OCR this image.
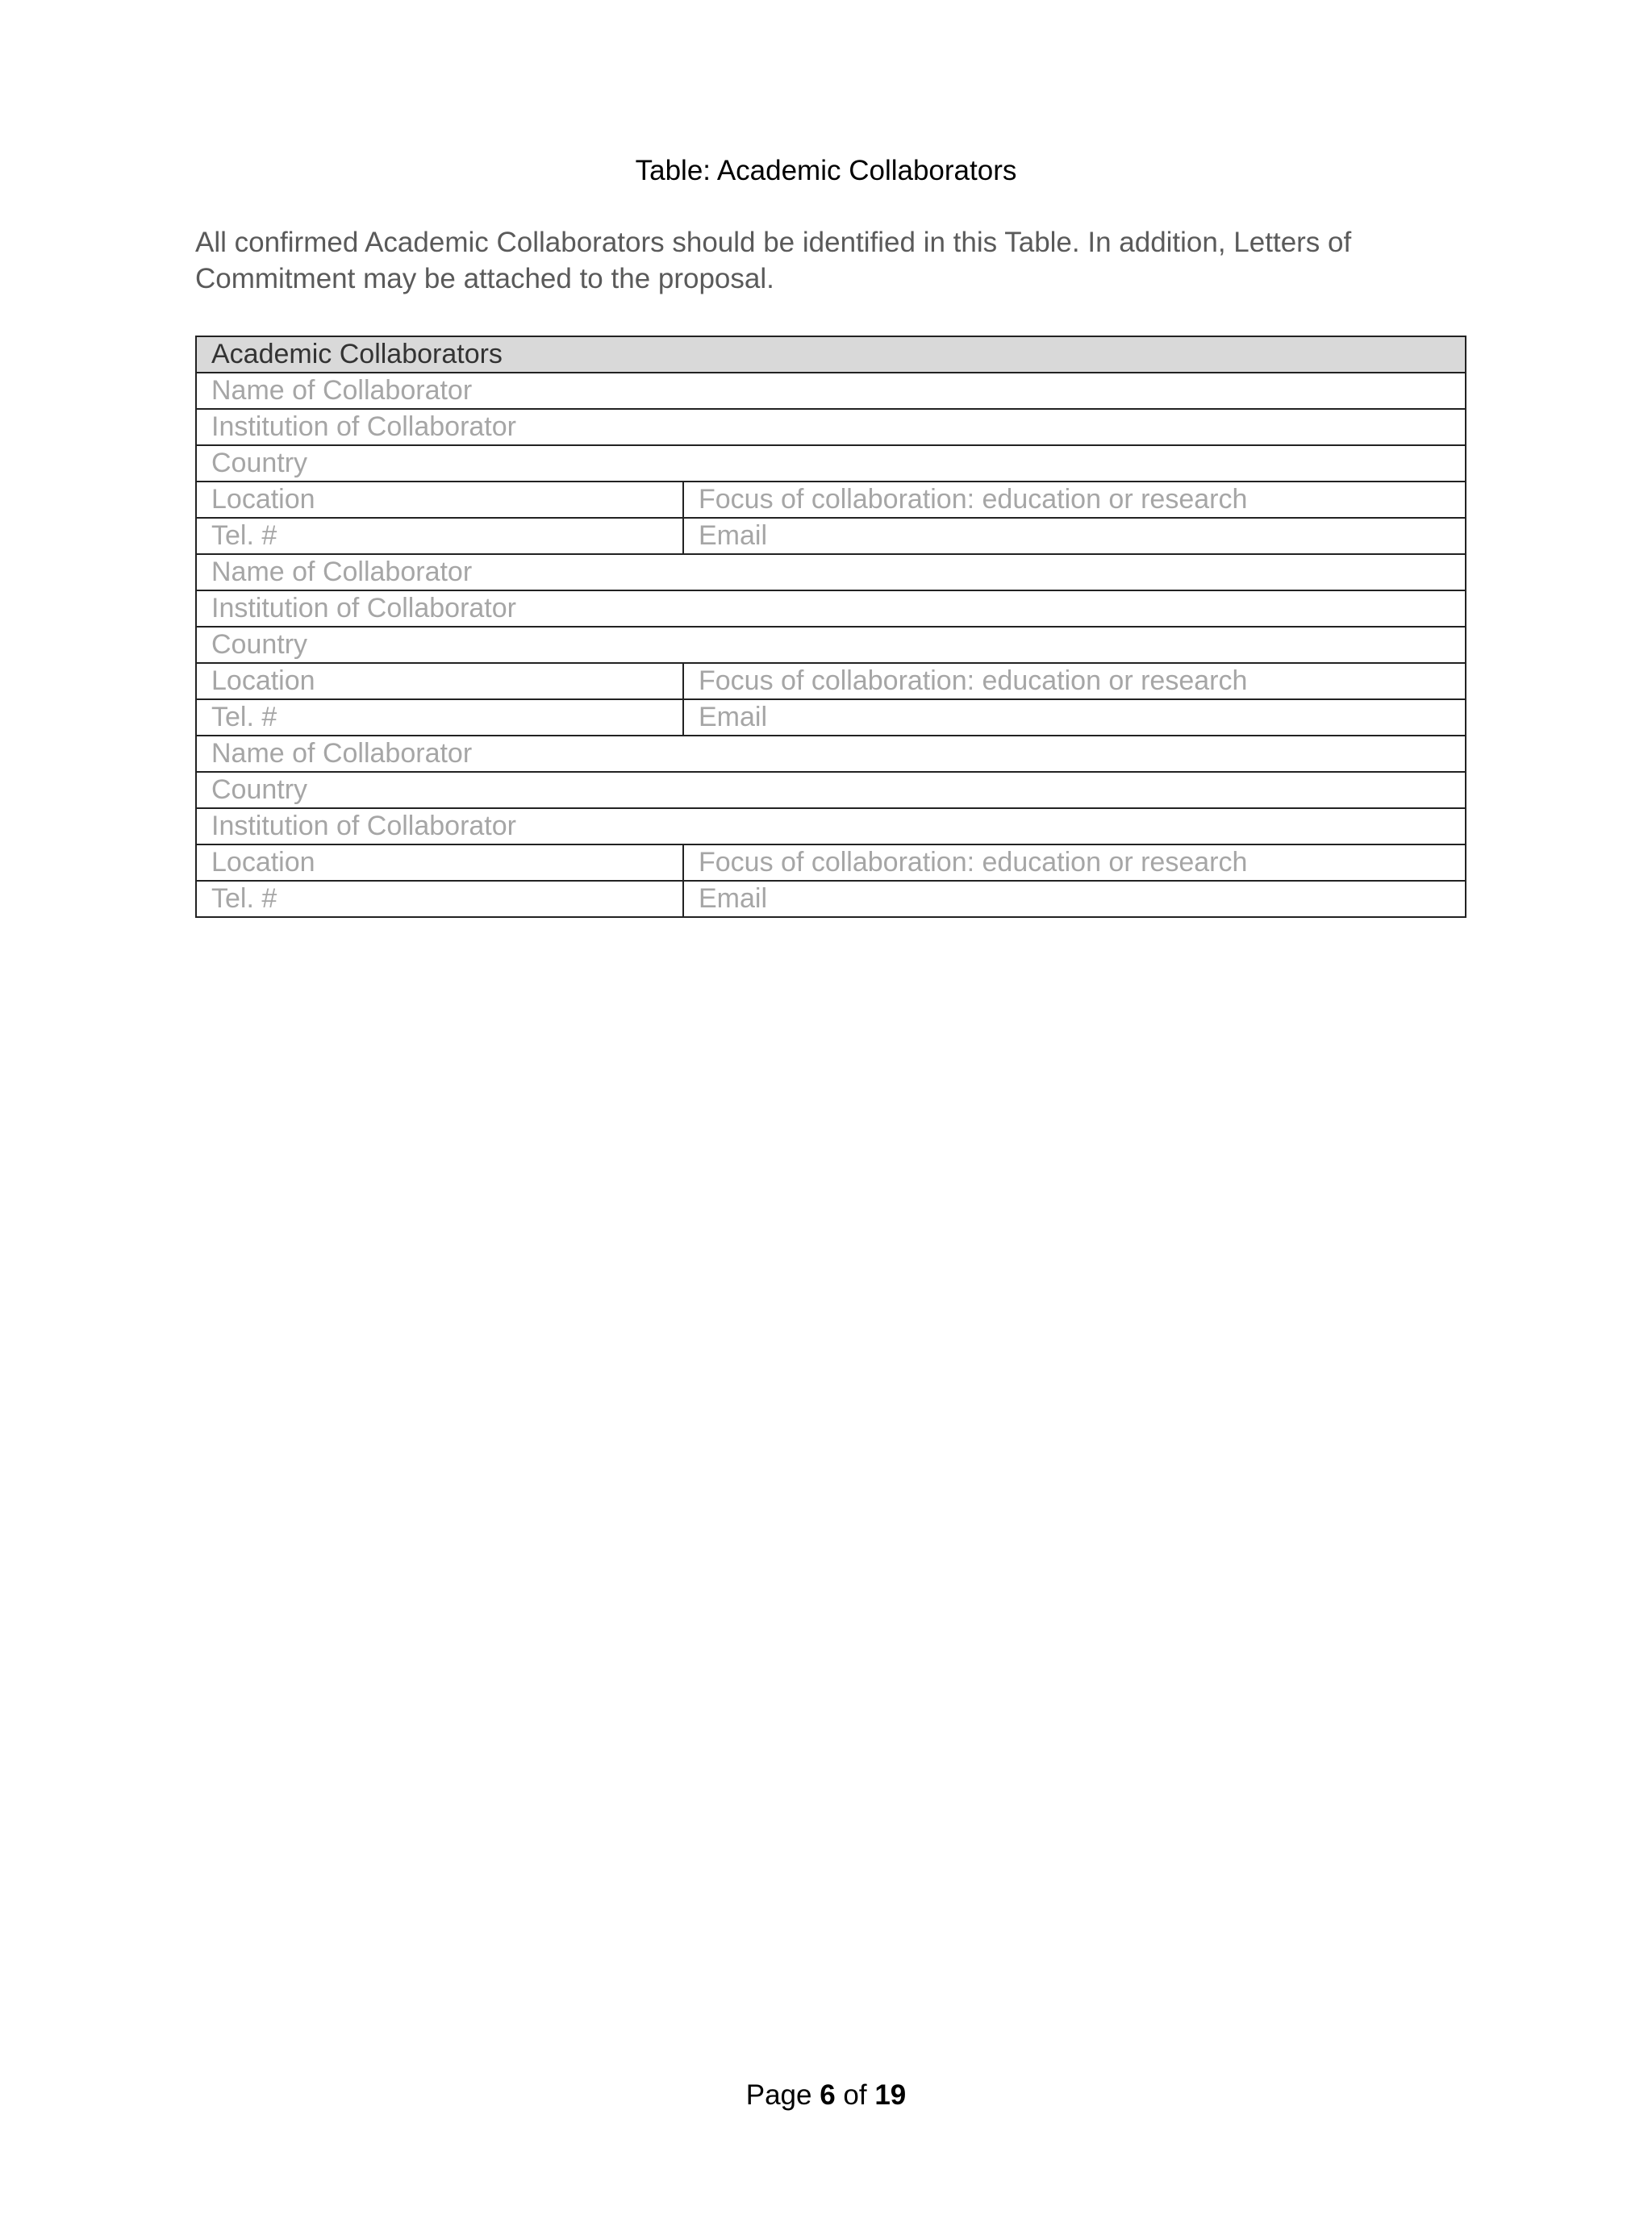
Table: Academic Collaborators
All confirmed Academic Collaborators should be identified in this Table. In addition, Letters of
Commitment may be attached to the proposal.
Academic Collaborators	
Name of Collaborator	
Institution of Collaborator	
Country	
Location	Focus of collaboration: education or research
Tel. #	Email
Name of Collaborator	
Institution of Collaborator	
Country	
Location	Focus of collaboration: education or research
Tel. #	Email
Name of Collaborator	
Country	
Institution of Collaborator	
Location	Focus of collaboration: education or research
Tel. #	Email
Page 6 of 19
